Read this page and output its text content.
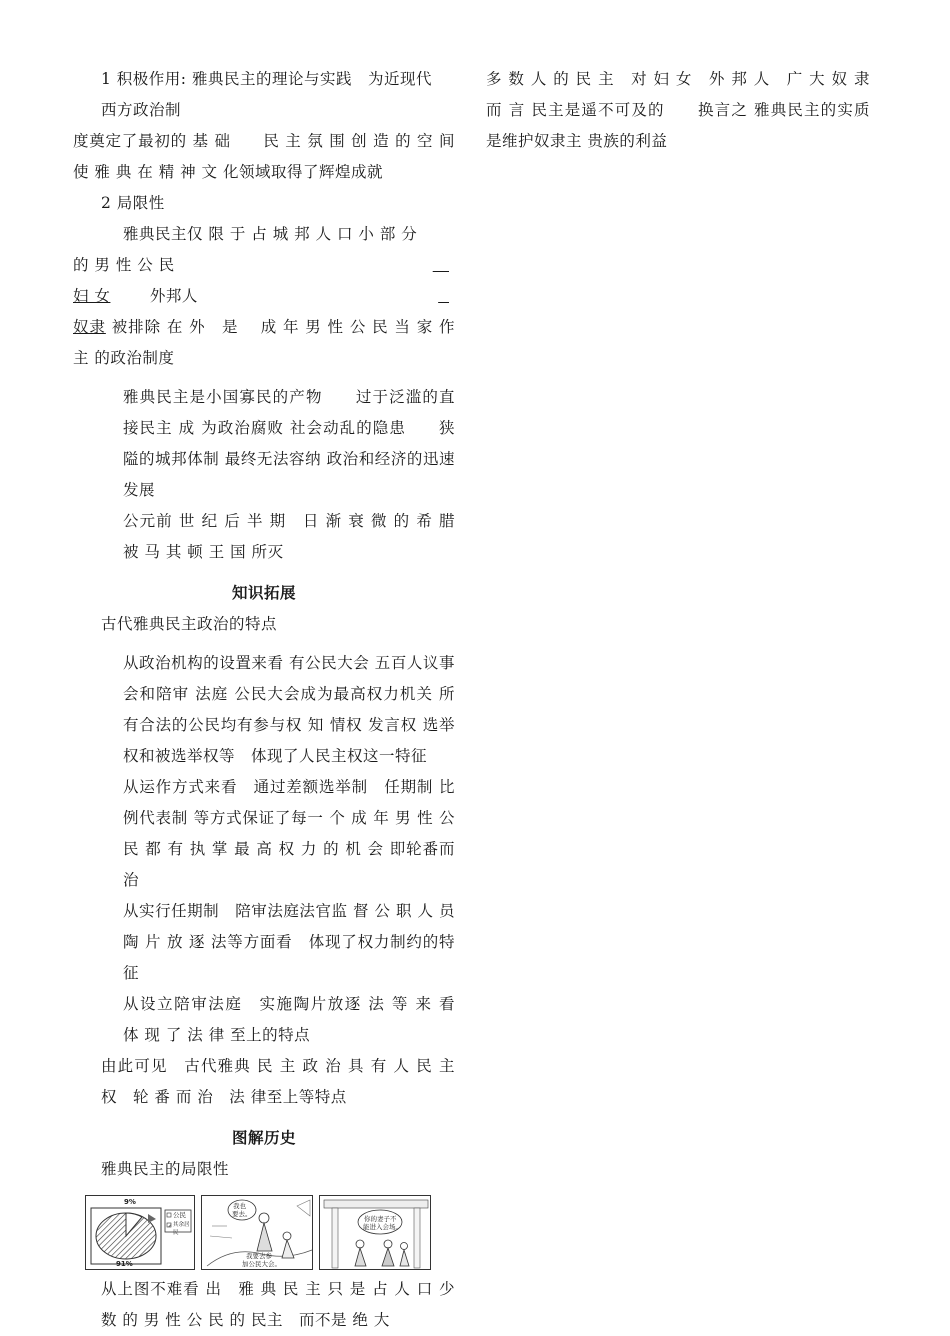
1 积极作用: 雅典民主的理论与实践　为近现代

西方政治制

度奠定了最初的 基 础　　民 主 氛 围 创 造 的 空 间　使 雅 典 在 精 神 文 化领域取得了辉煌成就

2 局限性

雅典民主仅 限 于 占 城 邦 人 口 小 部 分

的 男 性 公 民

妇 女	外邦人

奴隶 被排除 在 外　是　 成 年 男 性 公 民 当 家 作 主 的政治制度

雅典民主是小国寡民的产物　　过于泛滥的直接民主 成 为政治腐败 社会动乱的隐患　　狭隘的城邦体制 最终无法容纳 政治和经济的迅速发展

公元前 世 纪 后 半 期　日 渐 衰 微 的 希 腊 被 马 其 顿 王 国 所灭

知识拓展

古代雅典民主政治的特点

从政治机构的设置来看 有公民大会 五百人议事会和陪审 法庭 公民大会成为最高权力机关 所有合法的公民均有参与权 知 情权 发言权 选举权和被选举权等　体现了人民主权这一特征

从运作方式来看　通过差额选举制　任期制 比例代表制 等方式保证了每一 个 成 年 男 性 公 民 都 有 执 掌 最 高 权 力 的 机 会 即轮番而治

从实行任期制　陪审法庭法官监 督 公 职 人 员　陶 片 放 逐 法等方面看　体现了权力制约的特征

从设立陪审法庭　实施陶片放逐 法 等 来 看　体 现 了 法 律 至上的特点

由此可见　古代雅典 民 主 政 治 具 有 人 民 主 权　轮 番 而 治　法 律至上等特点

图解历史

雅典民主的局限性

9%
91%
公民
其余居民
我也
要去。
我要去参
加公民大会。
你的妻子不
能进入会场。

从上图不难看 出　雅 典 民 主 只 是 占 人 口 少 数 的 男 性 公 民 的 民主　而不是 绝 大

多 数 人 的 民 主　对 妇 女　外 邦 人　广 大 奴 隶 而 言 民主是遥不可及的　　换言之 雅典民主的实质是维护奴隶主 贵族的利益
